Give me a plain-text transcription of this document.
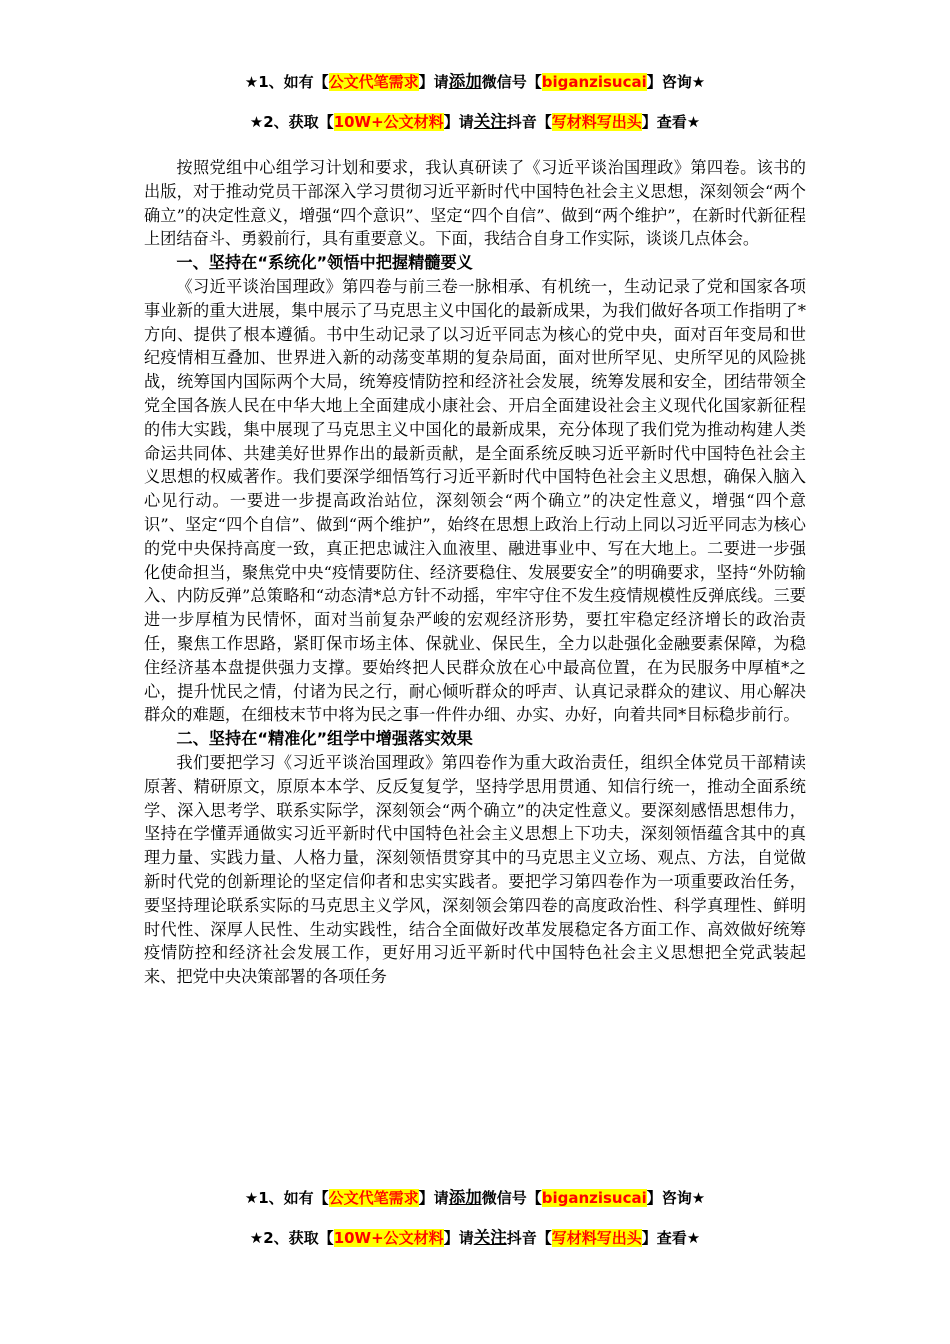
★1、如有【公文代笔需求】请添加微信号【biganzisucai】咨询★
★2、获取【10W+公文材料】请关注抖音【写材料写出头】查看★

按照党组中心组学习计划和要求，我认真研读了《习近平谈治国理政》第四卷。该书的出版，对于推动党员干部深入学习贯彻习近平新时代中国特色社会主义思想，深刻领会“两个确立”的决定性意义，增强“四个意识”、坚定“四个自信”、做到“两个维护”，在新时代新征程上团结奋斗、勇毅前行，具有重要意义。下面，我结合自身工作实际，谈谈几点体会。

一、坚持在“系统化”领悟中把握精髓要义

《习近平谈治国理政》第四卷与前三卷一脉相承、有机统一，生动记录了党和国家各项事业新的重大进展，集中展示了马克思主义中国化的最新成果，为我们做好各项工作指明了*方向、提供了根本遵循。书中生动记录了以习近平同志为核心的党中央，面对百年变局和世纪疫情相互叠加、世界进入新的动荡变革期的复杂局面，面对世所罕见、史所罕见的风险挑战，统筹国内国际两个大局，统筹疫情防控和经济社会发展，统筹发展和安全，团结带领全党全国各族人民在中华大地上全面建成小康社会、开启全面建设社会主义现代化国家新征程的伟大实践，集中展现了马克思主义中国化的最新成果，充分体现了我们党为推动构建人类命运共同体、共建美好世界作出的最新贡献，是全面系统反映习近平新时代中国特色社会主义思想的权威著作。我们要深学细悟笃行习近平新时代中国特色社会主义思想，确保入脑入心见行动。一要进一步提高政治站位，深刻领会“两个确立”的决定性意义，增强“四个意识”、坚定“四个自信”、做到“两个维护”，始终在思想上政治上行动上同以习近平同志为核心的党中央保持高度一致，真正把忠诚注入血液里、融进事业中、写在大地上。二要进一步强化使命担当，聚焦党中央“疫情要防住、经济要稳住、发展要安全”的明确要求，坚持“外防输入、内防反弹”总策略和“动态清*总方针不动摇，牢牢守住不发生疫情规模性反弹底线。三要进一步厚植为民情怀，面对当前复杂严峻的宏观经济形势，要扛牢稳定经济增长的政治责任，聚焦工作思路，紧盯保市场主体、保就业、保民生，全力以赴强化金融要素保障，为稳住经济基本盘提供强力支撑。要始终把人民群众放在心中最高位置，在为民服务中厚植*之心，提升忧民之情，付诸为民之行，耐心倾听群众的呼声、认真记录群众的建议、用心解决群众的难题，在细枝末节中将为民之事一件件办细、办实、办好，向着共同*目标稳步前行。

二、坚持在“精准化”组学中增强落实效果

我们要把学习《习近平谈治国理政》第四卷作为重大政治责任，组织全体党员干部精读原著、精研原文，原原本本学、反反复复学，坚持学思用贯通、知信行统一，推动全面系统学、深入思考学、联系实际学，深刻领会“两个确立”的决定性意义。要深刻感悟思想伟力，坚持在学懂弄通做实习近平新时代中国特色社会主义思想上下功夫，深刻领悟蕴含其中的真理力量、实践力量、人格力量，深刻领悟贯穿其中的马克思主义立场、观点、方法，自觉做新时代党的创新理论的坚定信仰者和忠实实践者。要把学习第四卷作为一项重要政治任务，要坚持理论联系实际的马克思主义学风，深刻领会第四卷的高度政治性、科学真理性、鲜明时代性、深厚人民性、生动实践性，结合全面做好改革发展稳定各方面工作、高效做好统筹疫情防控和经济社会发展工作，更好用习近平新时代中国特色社会主义思想把全党武装起来、把党中央决策部署的各项任务

★1、如有【公文代笔需求】请添加微信号【biganzisucai】咨询★
★2、获取【10W+公文材料】请关注抖音【写材料写出头】查看★
